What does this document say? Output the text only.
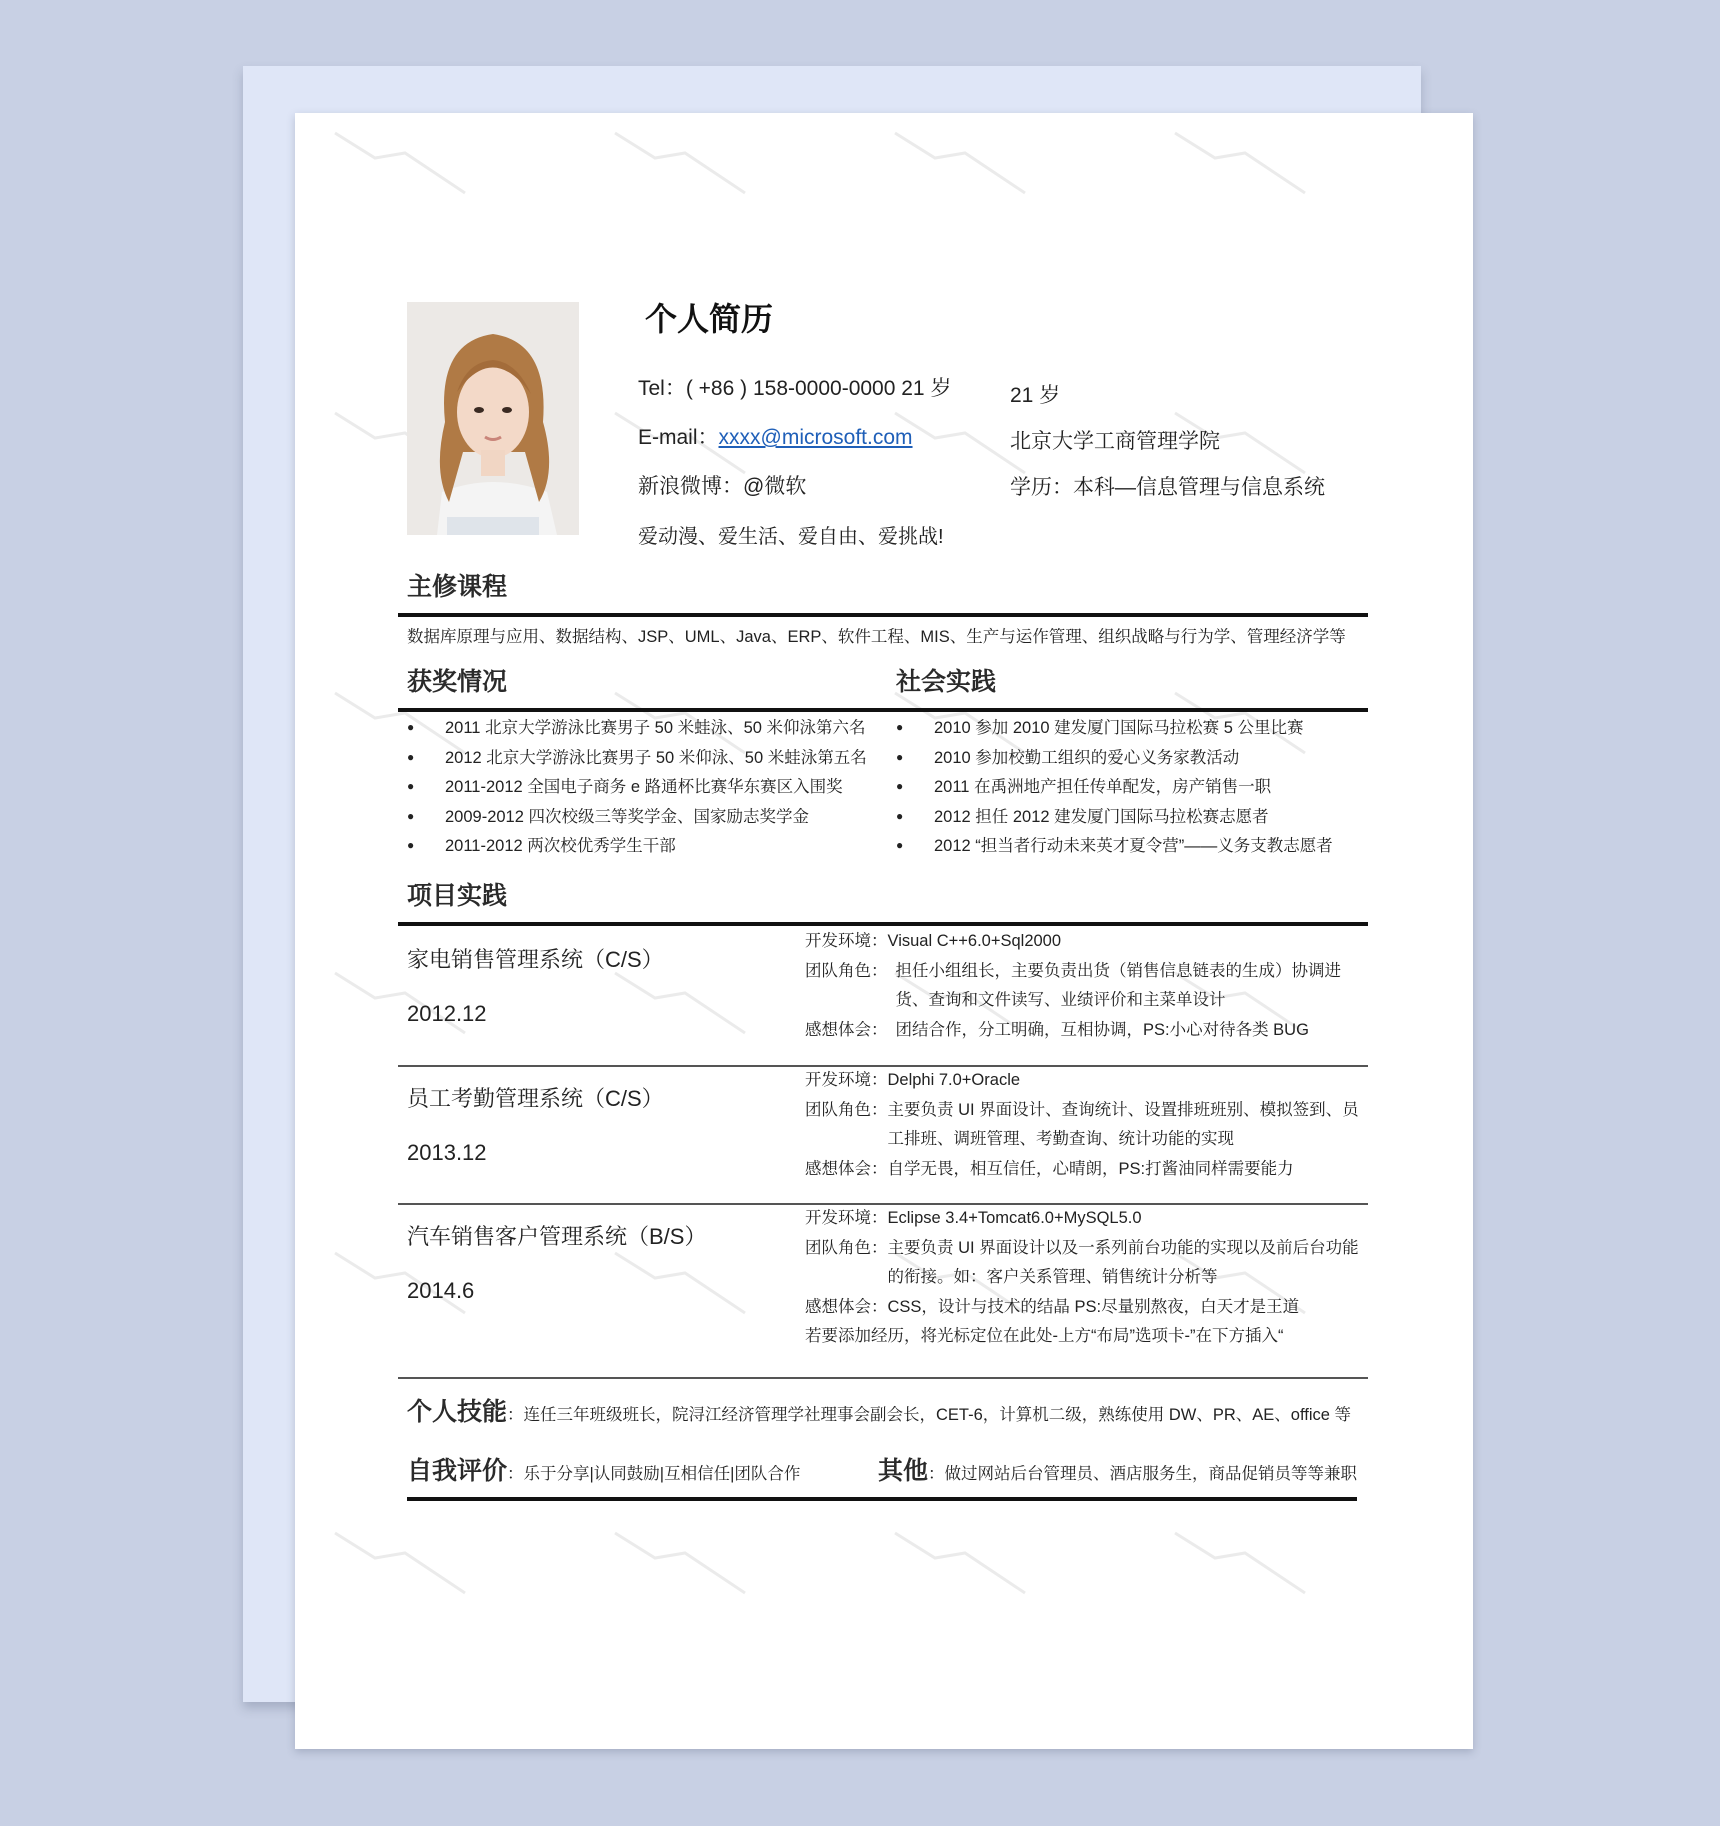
个人简历
Tel：( +86 ) 158-0000-0000 21 岁
E-mail：xxxx@microsoft.com
新浪微博：@微软
爱动漫、爱生活、爱自由、爱挑战!
21 岁
北京大学工商管理学院
学历：本科—信息管理与信息系统
主修课程
数据库原理与应用、数据结构、JSP、UML、Java、ERP、软件工程、MIS、生产与运作管理、组织战略与行为学、管理经济学等
获奖情况	社会实践
● 2011 北京大学游泳比赛男子 50 米蛙泳、50 米仰泳第六名
● 2012 北京大学游泳比赛男子 50 米仰泳、50 米蛙泳第五名
● 2011-2012 全国电子商务 e 路通杯比赛华东赛区入围奖
● 2009-2012 四次校级三等奖学金、国家励志奖学金
● 2011-2012 两次校优秀学生干部
● 2010 参加 2010 建发厦门国际马拉松赛 5 公里比赛
● 2010 参加校勤工组织的爱心义务家教活动
● 2011 在禹洲地产担任传单配发，房产销售一职
● 2012 担任 2012 建发厦门国际马拉松赛志愿者
● 2012 “担当者行动未来英才夏令营”——义务支教志愿者
项目实践
家电销售管理系统（C/S）
2012.12
开发环境： Visual C++6.0+Sql2000
团队角色： 担任小组组长，主要负责出货（销售信息链表的生成）协调进货、查询和文件读写、业绩评价和主菜单设计
感想体会： 团结合作，分工明确，互相协调，PS:小心对待各类 BUG
员工考勤管理系统（C/S）
2013.12
开发环境： Delphi 7.0+Oracle
团队角色： 主要负责 UI 界面设计、查询统计、设置排班班别、模拟签到、员工排班、调班管理、考勤查询、统计功能的实现
感想体会： 自学无畏，相互信任，心晴朗，PS:打酱油同样需要能力
汽车销售客户管理系统（B/S）
2014.6
开发环境： Eclipse 3.4+Tomcat6.0+MySQL5.0
团队角色： 主要负责 UI 界面设计以及一系列前台功能的实现以及前后台功能的衔接。如：客户关系管理、销售统计分析等
感想体会： CSS，设计与技术的结晶 PS:尽量别熬夜，白天才是王道
若要添加经历，将光标定位在此处-上方“布局”选项卡-”在下方插入“
个人技能：连任三年班级班长，院浔江经济管理学社理事会副会长，CET-6，计算机二级，熟练使用 DW、PR、AE、office 等
自我评价：乐于分享|认同鼓励|互相信任|团队合作	其他：做过网站后台管理员、酒店服务生，商品促销员等等兼职
